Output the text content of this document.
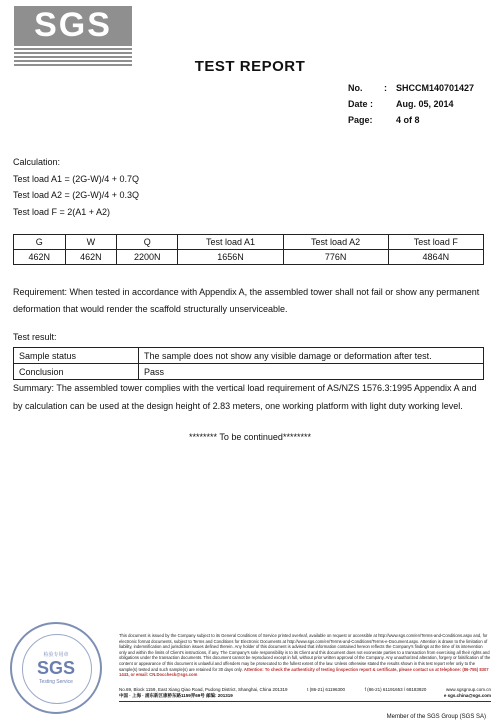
SGS
TEST REPORT
No.	:	SHCCM140701427
Date :	Aug. 05, 2014
Page:	4 of 8
Calculation:
Test load A1 = (2G-W)/4 + 0.7Q
Test load A2 = (2G-W)/4 + 0.3Q
Test load F = 2(A1 + A2)
G	W	Q	Test load A1	Test load A2	Test load F
462N	462N	2200N	1656N	776N	4864N
Requirement: When tested in accordance with Appendix A, the assembled tower shall not fail or show any permanent deformation that would render the scaffold structurally unserviceable.
Test result:
Sample status	The sample does not show any visible damage or deformation after test.
Conclusion	Pass
Summary: The assembled tower complies with the vertical load requirement of AS/NZS 1576.3:1995 Appendix A and by calculation can be used at the design height of 2.83 meters, one working platform with light duty working level.
******** To be continued********
检验专用章
SGS
Testing Service
This document is issued by the Company subject to its General Conditions of Service printed overleaf, available on request or accessible at http://www.sgs.com/en/Terms-and-Conditions.aspx and, for electronic format documents, subject to Terms and Conditions for Electronic Documents at http://www.sgs.com/en/Terms-and-Conditions/Terms-e-Document.aspx. Attention is drawn to the limitation of liability, indemnification and jurisdiction issues defined therein. Any holder of this document is advised that information contained hereon reflects the Company's findings at the time of its intervention only and within the limits of Client's instructions, if any. The Company's sole responsibility is to its Client and this document does not exonerate parties to a transaction from exercising all their rights and obligations under the transaction documents. This document cannot be reproduced except in full, without prior written approval of the Company. Any unauthorized alteration, forgery or falsification of the content or appearance of this document is unlawful and offenders may be prosecuted to the fullest extent of the law. Unless otherwise stated the results shown in this test report refer only to the sample(s) tested and such sample(s) are retained for 30 days only. Attention: To check the authenticity of testing /inspection report & certificate, please contact us at telephone: (86-755) 8307 1443, or email: CN.Doccheck@sgs.com
No.69, Block 1159, East Xiang Qiao Road, Pudong District, Shanghai, China 201319	t (86-21) 61196300	f (86-21) 61191653 / 68183920	www.sgsgroup.com.cn
中国 · 上海 · 浦东新区康桥东路1159弄69号 邮编: 201319	e sgs.china@sgs.com
Member of the SGS Group (SGS SA)
